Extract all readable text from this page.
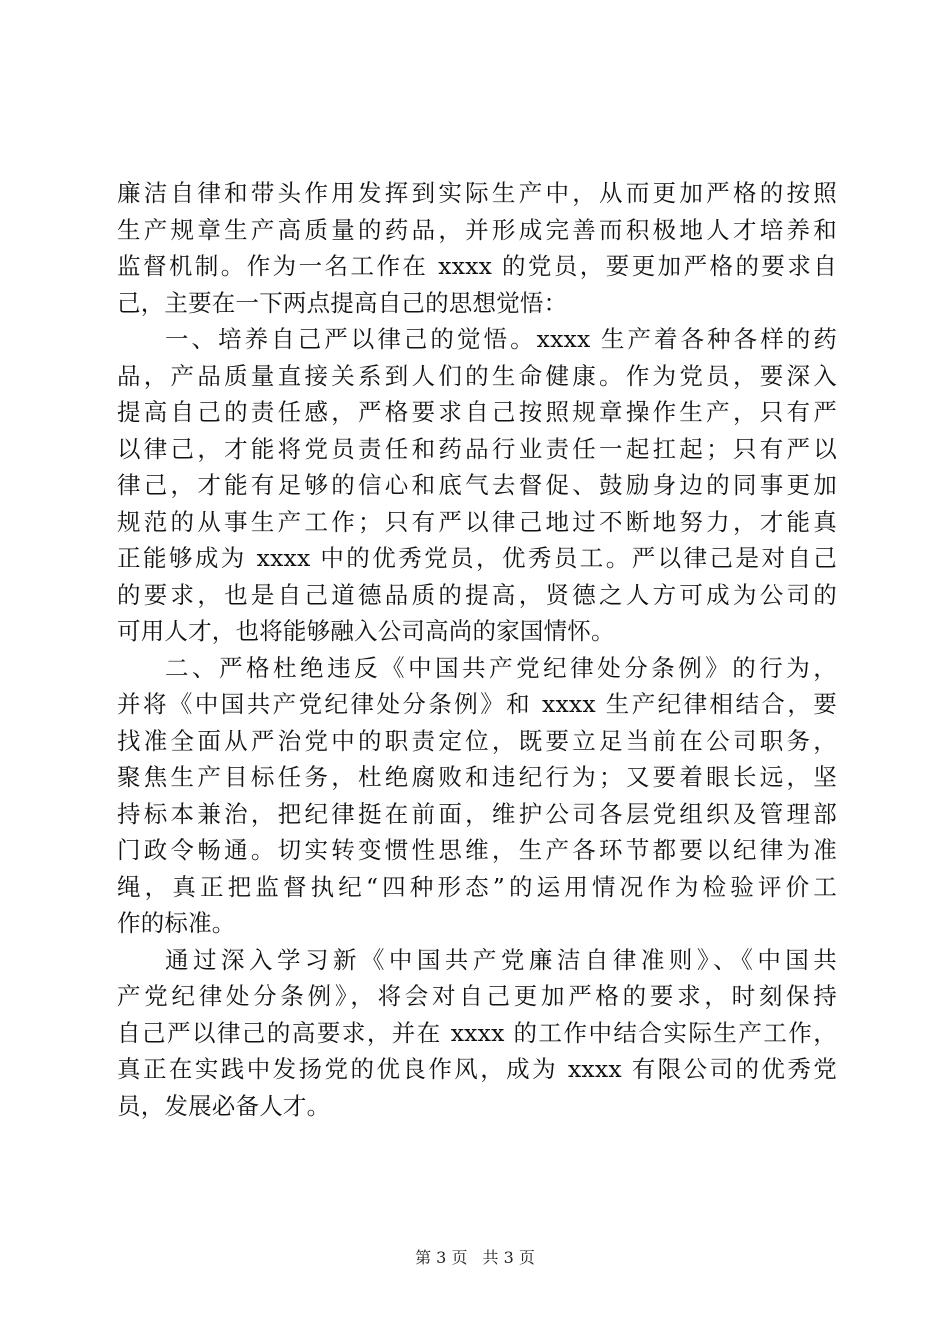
廉洁自律和带头作用发挥到实际生产中，从而更加严格的按照
生产规章生产高质量的药品，并形成完善而积极地人才培养和
监督机制。作为一名工作在 xxxx 的党员，要更加严格的要求自
己，主要在一下两点提高自己的思想觉悟：
一、培养自己严以律己的觉悟。xxxx 生产着各种各样的药
品，产品质量直接关系到人们的生命健康。作为党员，要深入
提高自己的责任感，严格要求自己按照规章操作生产，只有严
以律己，才能将党员责任和药品行业责任一起扛起；只有严以
律己，才能有足够的信心和底气去督促、鼓励身边的同事更加
规范的从事生产工作；只有严以律己地过不断地努力，才能真
正能够成为 xxxx 中的优秀党员，优秀员工。严以律己是对自己
的要求，也是自己道德品质的提高，贤德之人方可成为公司的
可用人才，也将能够融入公司高尚的家国情怀。
二、严格杜绝违反《中国共产党纪律处分条例》的行为，
并将《中国共产党纪律处分条例》和 xxxx 生产纪律相结合，要
找准全面从严治党中的职责定位，既要立足当前在公司职务，
聚焦生产目标任务，杜绝腐败和违纪行为；又要着眼长远，坚
持标本兼治，把纪律挺在前面，维护公司各层党组织及管理部
门政令畅通。切实转变惯性思维，生产各环节都要以纪律为准
绳，真正把监督执纪“四种形态”的运用情况作为检验评价工
作的标准。
通过深入学习新《中国共产党廉洁自律准则》、《中国共
产党纪律处分条例》，将会对自己更加严格的要求，时刻保持
自己严以律己的高要求，并在 xxxx 的工作中结合实际生产工作，
真正在实践中发扬党的优良作风，成为 xxxx 有限公司的优秀党
员，发展必备人才。
第 3 页 共 3 页
